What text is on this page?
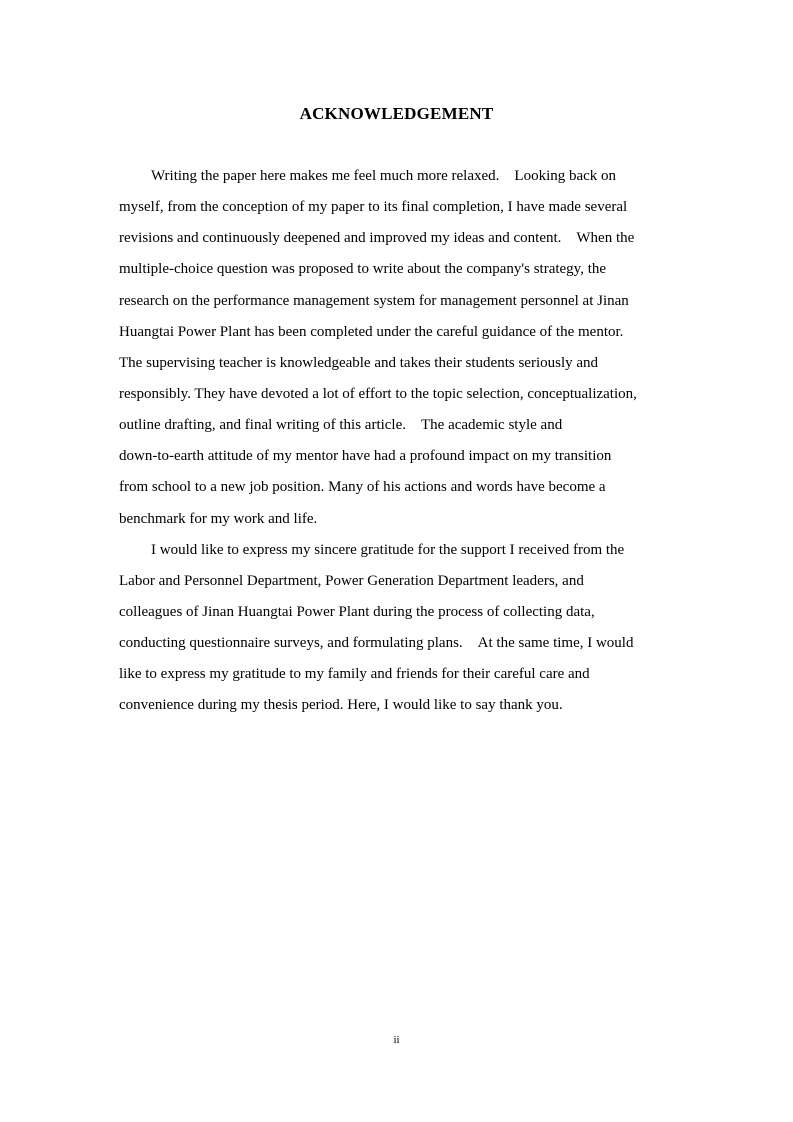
ACKNOWLEDGEMENT
Writing the paper here makes me feel much more relaxed. Looking back on
myself, from the conception of my paper to its final completion, I have made several
revisions and continuously deepened and improved my ideas and content. When the
multiple-choice question was proposed to write about the company's strategy, the
research on the performance management system for management personnel at Jinan
Huangtai Power Plant has been completed under the careful guidance of the mentor.
The supervising teacher is knowledgeable and takes their students seriously and
responsibly. They have devoted a lot of effort to the topic selection, conceptualization,
outline drafting, and final writing of this article. The academic style and
down-to-earth attitude of my mentor have had a profound impact on my transition
from school to a new job position. Many of his actions and words have become a
benchmark for my work and life.
I would like to express my sincere gratitude for the support I received from the
Labor and Personnel Department, Power Generation Department leaders, and
colleagues of Jinan Huangtai Power Plant during the process of collecting data,
conducting questionnaire surveys, and formulating plans. At the same time, I would
like to express my gratitude to my family and friends for their careful care and
convenience during my thesis period. Here, I would like to say thank you.
ii
